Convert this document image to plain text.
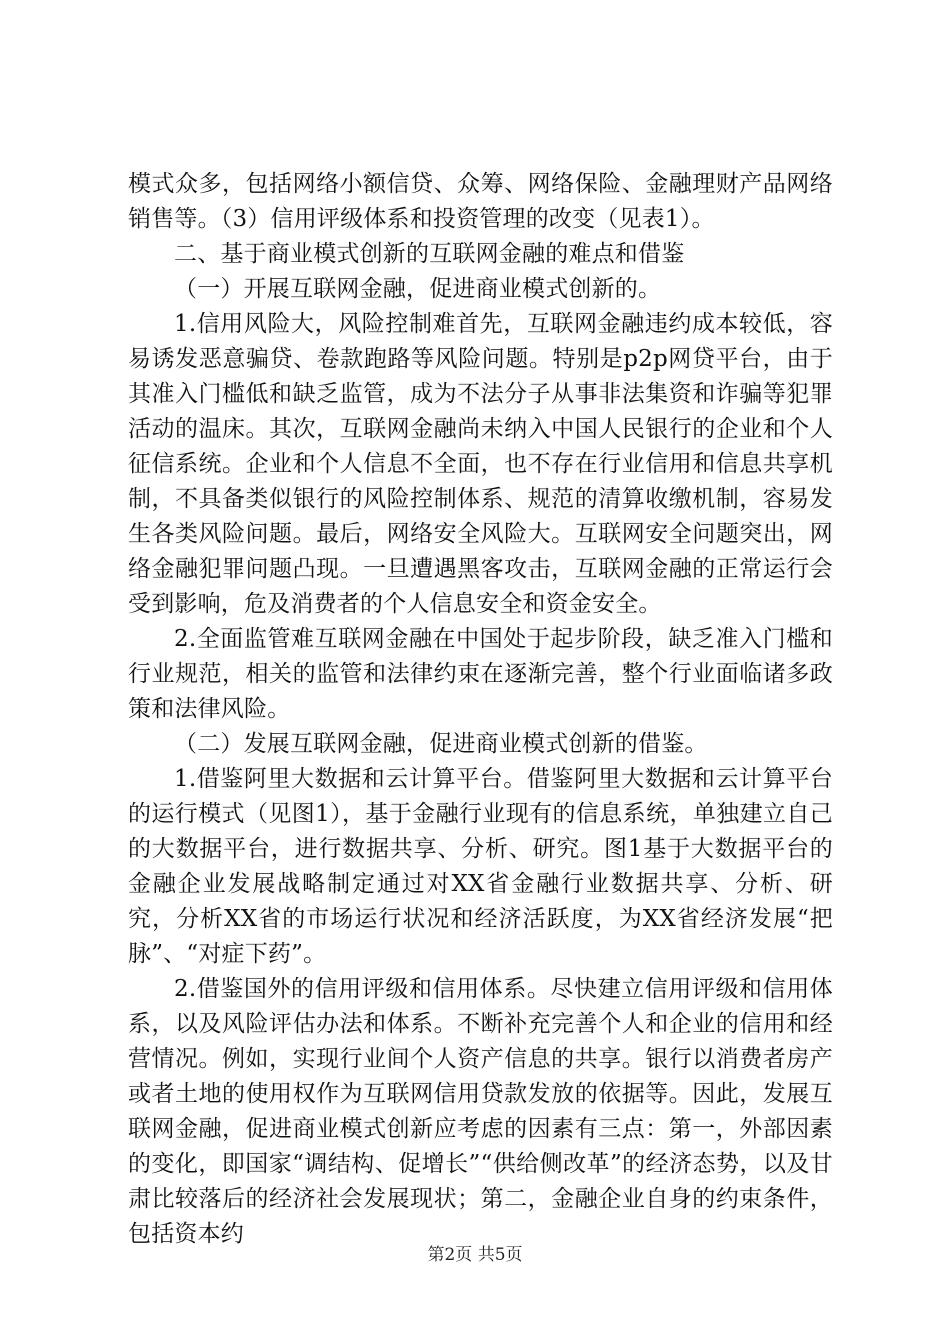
模式众多，包括网络小额信贷、众筹、网络保险、金融理财产品网络销售等。（3）信用评级体系和投资管理的改变（见表1）。

二、基于商业模式创新的互联网金融的难点和借鉴

（一）开展互联网金融，促进商业模式创新的。

1.信用风险大，风险控制难首先，互联网金融违约成本较低，容易诱发恶意骗贷、卷款跑路等风险问题。特别是p2p网贷平台，由于其准入门槛低和缺乏监管，成为不法分子从事非法集资和诈骗等犯罪活动的温床。其次，互联网金融尚未纳入中国人民银行的企业和个人征信系统。企业和个人信息不全面，也不存在行业信用和信息共享机制，不具备类似银行的风险控制体系、规范的清算收缴机制，容易发生各类风险问题。最后，网络安全风险大。互联网安全问题突出，网络金融犯罪问题凸现。一旦遭遇黑客攻击，互联网金融的正常运行会受到影响，危及消费者的个人信息安全和资金安全。

2.全面监管难互联网金融在中国处于起步阶段，缺乏准入门槛和行业规范，相关的监管和法律约束在逐渐完善，整个行业面临诸多政策和法律风险。

（二）发展互联网金融，促进商业模式创新的借鉴。

1.借鉴阿里大数据和云计算平台。借鉴阿里大数据和云计算平台的运行模式（见图1），基于金融行业现有的信息系统，单独建立自己的大数据平台，进行数据共享、分析、研究。图1基于大数据平台的金融企业发展战略制定通过对XX省金融行业数据共享、分析、研究，分析XX省的市场运行状况和经济活跃度，为XX省经济发展“把脉”、“对症下药”。

2.借鉴国外的信用评级和信用体系。尽快建立信用评级和信用体系，以及风险评估办法和体系。不断补充完善个人和企业的信用和经营情况。例如，实现行业间个人资产信息的共享。银行以消费者房产或者土地的使用权作为互联网信用贷款发放的依据等。因此，发展互联网金融，促进商业模式创新应考虑的因素有三点：第一，外部因素的变化，即国家“调结构、促增长”“供给侧改革”的经济态势，以及甘肃比较落后的经济社会发展现状；第二，金融企业自身的约束条件，包括资本约

第2页 共5页
